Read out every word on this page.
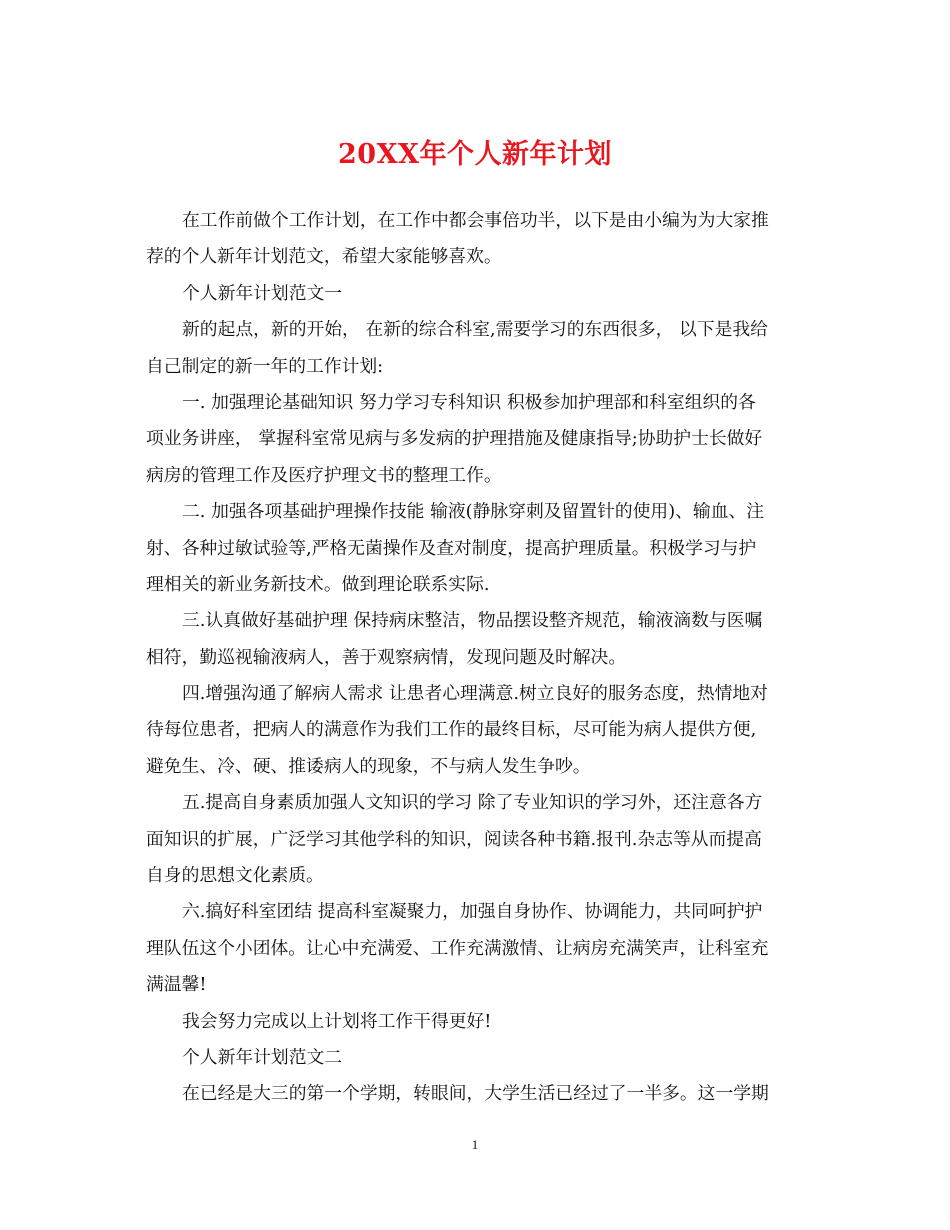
20XX年个人新年计划
在工作前做个工作计划，在工作中都会事倍功半，以下是由小编为为大家推
荐的个人新年计划范文，希望大家能够喜欢。
个人新年计划范文一
新的起点，新的开始， 在新的综合科室,需要学习的东西很多， 以下是我给
自己制定的新一年的工作计划:
一. 加强理论基础知识 努力学习专科知识 积极参加护理部和科室组织的各
项业务讲座， 掌握科室常见病与多发病的护理措施及健康指导;协助护士长做好
病房的管理工作及医疗护理文书的整理工作。
二. 加强各项基础护理操作技能 输液(静脉穿刺及留置针的使用)、输血、注
射、各种过敏试验等,严格无菌操作及查对制度，提高护理质量。积极学习与护
理相关的新业务新技术。做到理论联系实际.
三.认真做好基础护理 保持病床整洁，物品摆设整齐规范，输液滴数与医嘱
相符，勤巡视输液病人，善于观察病情，发现问题及时解决。
四.增强沟通了解病人需求 让患者心理满意.树立良好的服务态度，热情地对
待每位患者，把病人的满意作为我们工作的最终目标，尽可能为病人提供方便,
避免生、冷、硬、推诿病人的现象，不与病人发生争吵。
五.提高自身素质加强人文知识的学习 除了专业知识的学习外，还注意各方
面知识的扩展，广泛学习其他学科的知识，阅读各种书籍.报刊.杂志等从而提高
自身的思想文化素质。
六.搞好科室团结 提高科室凝聚力，加强自身协作、协调能力，共同呵护护
理队伍这个小团体。让心中充满爱、工作充满激情、让病房充满笑声，让科室充
满温馨!
我会努力完成以上计划将工作干得更好!
个人新年计划范文二
在已经是大三的第一个学期，转眼间，大学生活已经过了一半多。这一学期
1
